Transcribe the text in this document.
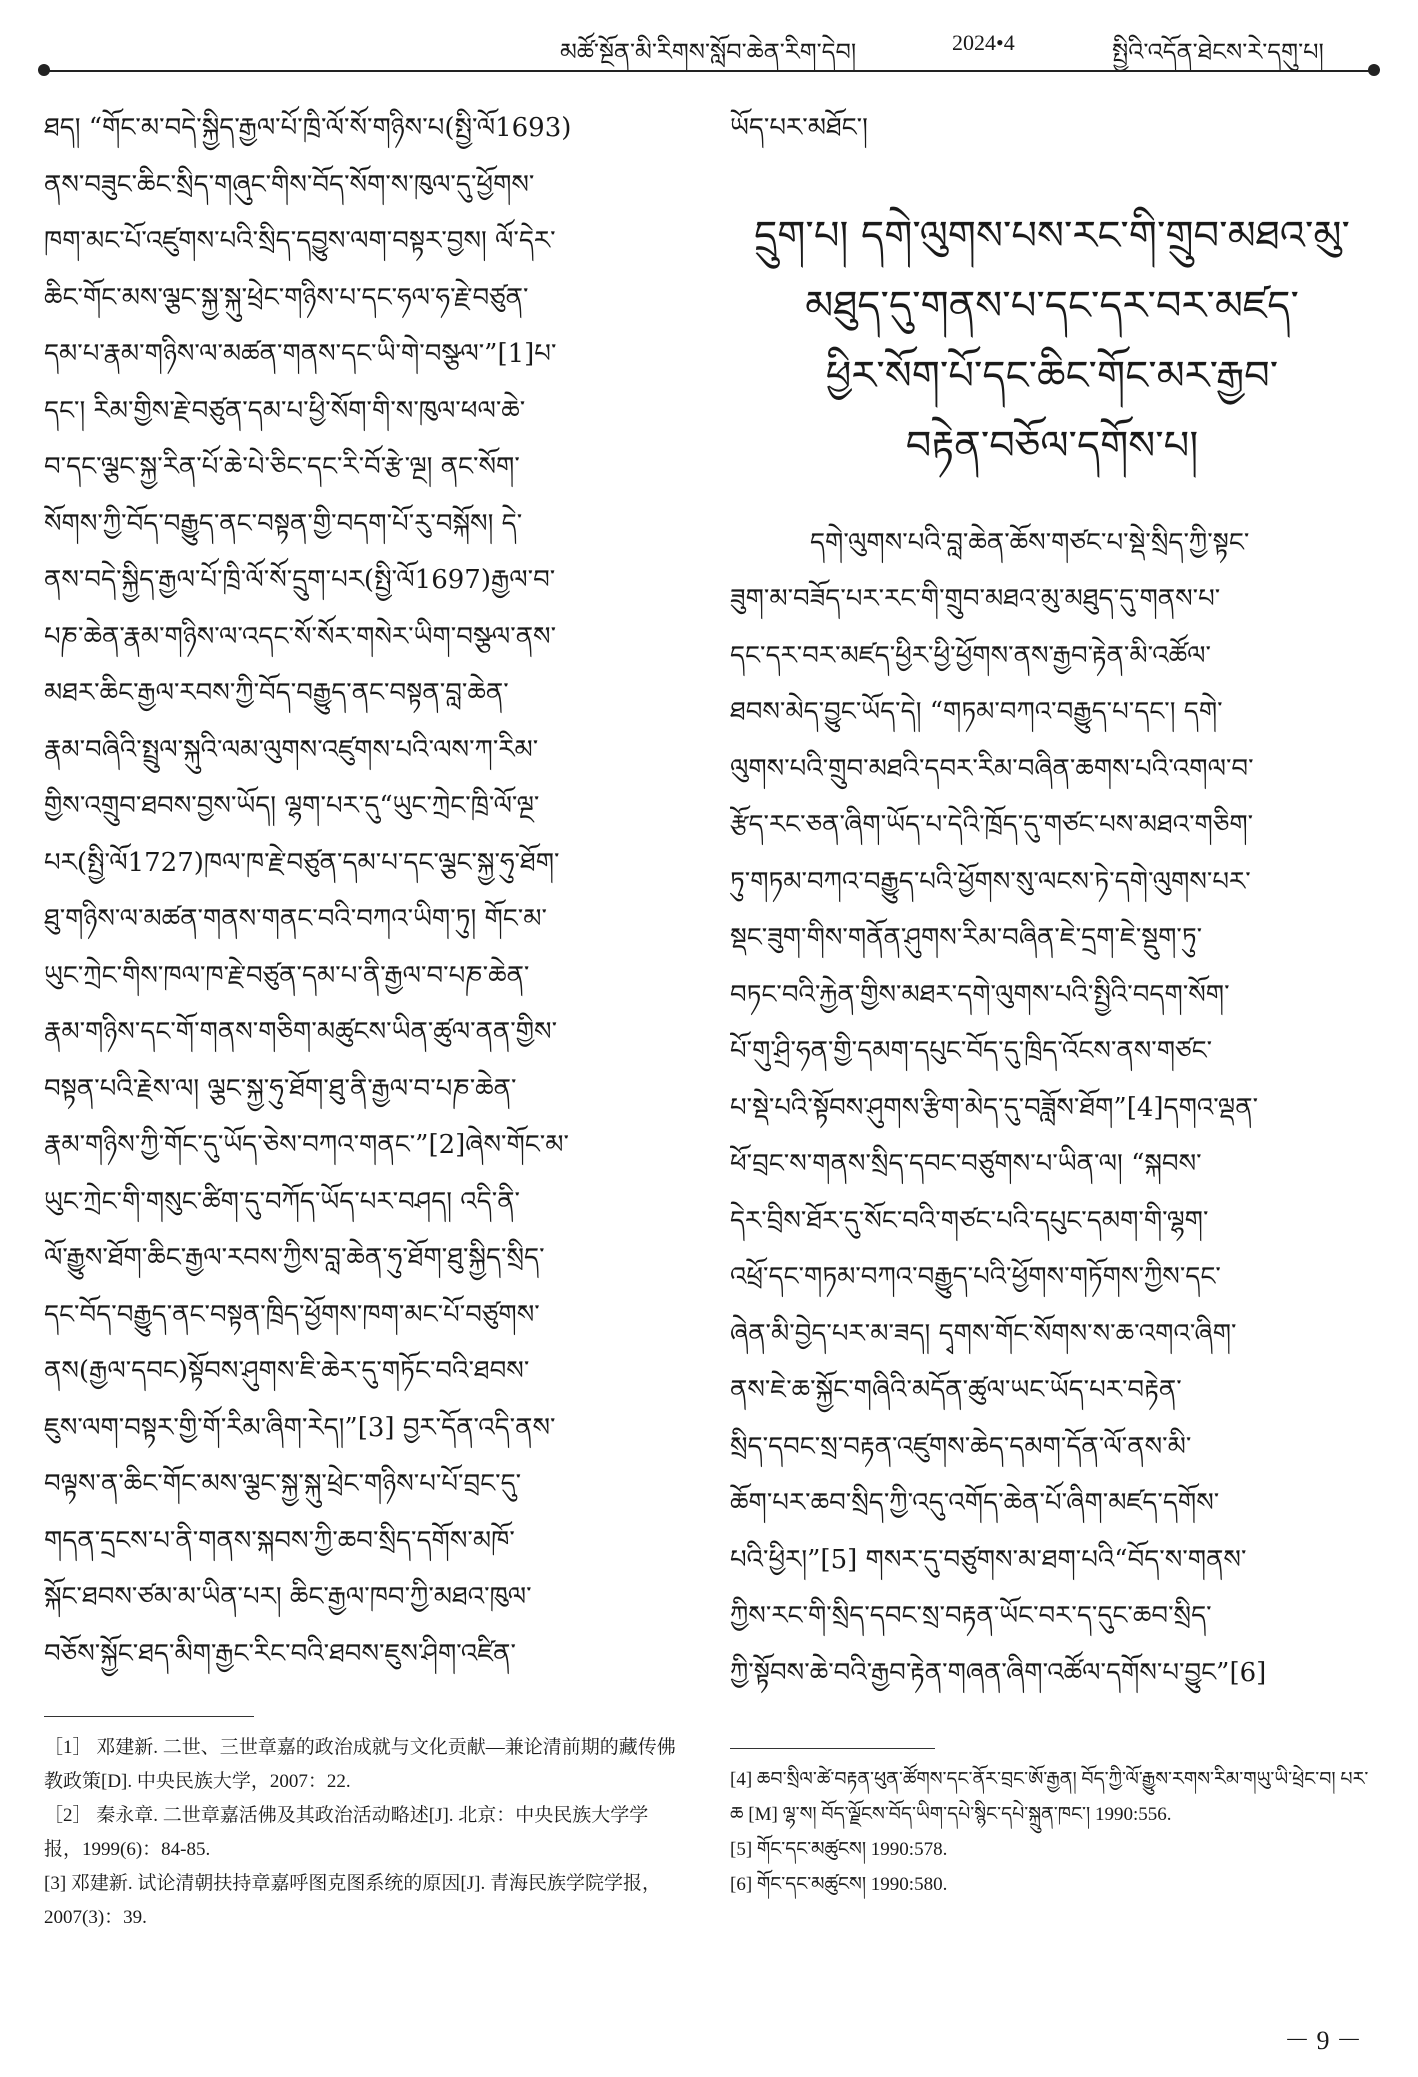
མཚོ་སྔོན་མི་རིགས་སློབ་ཆེན་རིག་དེབ།	2024•4	སྤྱིའི་འདོན་ཐེངས་རེ་དགུ་པ།

ཐད། “གོང་མ་བདེ་སྐྱིད་རྒྱལ་པོ་ཁྲི་ལོ་སོ་གཉིས་པ(སྤྱི་ལོ1693)

ནས་བཟུང་ཆིང་སྲིད་གཞུང་གིས་བོད་སོག་ས་ཁུལ་དུ་ཕྱོགས་

ཁག་མང་པོ་འཛུགས་པའི་སྲིད་དབྱུས་ལག་བསྟར་བྱས། ལོ་དེར་

ཆིང་གོང་མས་ལྕང་སྐྱ་སྐུ་ཕྲེང་གཉིས་པ་དང་ཧལ་ཧ་རྗེ་བཙུན་

དམ་པ་རྣམ་གཉིས་ལ་མཚན་གནས་དང་ཡི་གེ་བསྩལ་”[1]པ་

དང་། རིམ་གྱིས་རྗེ་བཙུན་དམ་པ་ཕྱི་སོག་གི་ས་ཁུལ་ཕལ་ཆེ་

བ་དང་ལྕང་སྐྱ་རིན་པོ་ཆེ་པེ་ཅིང་དང་རི་བོ་རྩེ་ལྔ། ནང་སོག་

སོགས་ཀྱི་བོད་བརྒྱུད་ནང་བསྟན་གྱི་བདག་པོ་རུ་བསྐོས། དེ་

ནས་བདེ་སྐྱིད་རྒྱལ་པོ་ཁྲི་ལོ་སོ་དྲུག་པར(སྤྱི་ལོ1697)རྒྱལ་བ་

པཎ་ཆེན་རྣམ་གཉིས་ལ་འདང་སོ་སོར་གསེར་ཡིག་བསྩལ་ནས་

མཐར་ཆིང་རྒྱལ་རབས་ཀྱི་བོད་བརྒྱུད་ནང་བསྟན་བླ་ཆེན་

རྣམ་བཞིའི་སྤྲུལ་སྐུའི་ལམ་ལུགས་འཛུགས་པའི་ལས་ཀ་རིམ་

གྱིས་འགྲུབ་ཐབས་བྱས་ཡོད། ལྷག་པར་དུ“ཡུང་ཀྲེང་ཁྲི་ལོ་ལྔ་

པར(སྤྱི་ལོ1727)ཁལ་ཁ་རྗེ་བཙུན་དམ་པ་དང་ལྕང་སྐྱ་ཧུ་ཐོག་

ཐུ་གཉིས་ལ་མཚན་གནས་གནང་བའི་བཀའ་ཡིག་ཏུ། གོང་མ་

ཡུང་ཀྲེང་གིས་ཁལ་ཁ་རྗེ་བཙུན་དམ་པ་ནི་རྒྱལ་བ་པཎ་ཆེན་

རྣམ་གཉིས་དང་གོ་གནས་གཅིག་མཚུངས་ཡིན་ཚུལ་ནན་གྱིས་

བསྟན་པའི་རྗེས་ལ། ལྕང་སྐྱ་ཧུ་ཐོག་ཐུ་ནི་རྒྱལ་བ་པཎ་ཆེན་

རྣམ་གཉིས་ཀྱི་གོང་དུ་ཡོད་ཅེས་བཀའ་གནང་”[2]ཞེས་གོང་མ་

ཡུང་ཀྲེང་གི་གསུང་ཚིག་དུ་བཀོད་ཡོད་པར་བཤད། འདི་ནི་

ལོ་རྒྱུས་ཐོག་ཆིང་རྒྱལ་རབས་ཀྱིས་བླ་ཆེན་ཧུ་ཐོག་ཐུ་སྐྱིད་སྲིད་

དང་བོད་བརྒྱུད་ནང་བསྟན་ཁྲིད་ཕྱོགས་ཁག་མང་པོ་བཙུགས་

ནས(རྒྱལ་དབང)སྟོབས་ཤུགས་ཇི་ཆེར་དུ་གཏོང་བའི་ཐབས་

ཇུས་ལག་བསྟར་གྱི་གོ་རིམ་ཞིག་རེད།”[3] བྱར་དོན་འདི་ནས་

བལྟས་ན་ཆིང་གོང་མས་ལྕང་སྐྱ་སྐུ་ཕྲེང་གཉིས་པ་པོ་བྲང་དུ་

གདན་དྲངས་པ་ནི་གནས་སྐབས་ཀྱི་ཆབ་སྲིད་དགོས་མཁོ་

སྐོང་ཐབས་ཙམ་མ་ཡིན་པར། ཆིང་རྒྱལ་ཁབ་ཀྱི་མཐའ་ཁུལ་

བཅོས་སྐྱོང་ཐད་མིག་རྒྱང་རིང་བའི་ཐབས་ཇུས་ཤིག་འཛིན་

［1］ 邓建新. 二世、三世章嘉的政治成就与文化贡献—兼论清前期的藏传佛教政策[D]. 中央民族大学，2007：22.

［2］ 秦永章. 二世章嘉活佛及其政治活动略述[J]. 北京：中央民族大学学报，1999(6)：84-85.

[3] 邓建新. 试论清朝扶持章嘉呼图克图系统的原因[J]. 青海民族学院学报，2007(3)：39.

ཡོད་པར་མཐོང་།

དྲུག་པ། དགེ་ལུགས་པས་རང་གི་གྲུབ་མཐའ་མུ་

མཐུད་དུ་གནས་པ་དང་དར་བར་མཛད་

ཕྱིར་སོག་པོ་དང་ཆིང་གོང་མར་རྒྱབ་

བརྟེན་བཅོལ་དགོས་པ།

དགེ་ལུགས་པའི་བླ་ཆེན་ཆོས་གཙང་པ་སྡེ་སྲིད་ཀྱི་སྟང་

ཟུག་མ་བཟོད་པར་རང་གི་གྲུབ་མཐའ་མུ་མཐུད་དུ་གནས་པ་

དང་དར་བར་མཛད་ཕྱིར་ཕྱི་ཕྱོགས་ནས་རྒྱབ་རྟེན་མི་འཚོལ་

ཐབས་མེད་བྱུང་ཡོད་དེ། “གཏམ་བཀའ་བརྒྱུད་པ་དང་། དགེ་

ལུགས་པའི་གྲུབ་མཐའི་དབར་རིམ་བཞིན་ཆགས་པའི་འགལ་བ་

རྩོད་རང་ཅན་ཞིག་ཡོད་པ་དེའི་ཁྲོད་དུ་གཙང་པས་མཐའ་གཅིག་

ཏུ་གཏམ་བཀའ་བརྒྱུད་པའི་ཕྱོགས་སུ་ལངས་ཏེ་དགེ་ལུགས་པར་

སྡང་ཟུག་གིས་གནོན་ཤུགས་རིམ་བཞིན་ཇེ་དྲག་ཇེ་སྡུག་ཏུ་

བཏང་བའི་རྐྱེན་གྱིས་མཐར་དགེ་ལུགས་པའི་སྤྱིའི་བདག་སོག་

པོ་གུ་ཤྲི་ཧན་གྱི་དམག་དཔུང་བོད་དུ་ཁྲིད་འོངས་ནས་གཙང་

པ་སྡེ་པའི་སྟོབས་ཤུགས་རྩིག་མེད་དུ་བཟློས་ཐོག”[4]དགའ་ལྡན་

ཕོ་བྲང་ས་གནས་སྲིད་དབང་བཙུགས་པ་ཡིན་ལ། “སྐབས་

དེར་བྲིས་ཐོར་དུ་སོང་བའི་གཙང་པའི་དཔུང་དམག་གི་ལྷག་

འཕྲོ་དང་གཏམ་བཀའ་བརྒྱུད་པའི་ཕྱོགས་གཏོགས་ཀྱིས་དང་

ཞེན་མི་བྱེད་པར་མ་ཟད། དྭགས་གོང་སོགས་ས་ཆ་འགའ་ཞིག་

ནས་ཇེ་ཆ་སྐྱོང་གཞིའི་མདོན་ཚུལ་ཡང་ཡོད་པར་བརྟེན་

སྲིད་དབང་སྲ་བརྟན་འཛུགས་ཆེད་དམག་དོན་ལོ་ནས་མི་

ཆོག་པར་ཆབ་སྲིད་ཀྱི་འདུ་འགོད་ཆེན་པོ་ཞིག་མཛད་དགོས་

པའི་ཕྱིར།”[5] གསར་དུ་བཙུགས་མ་ཐག་པའི“བོད་ས་གནས་

ཀྱིས་རང་གི་སྲིད་དབང་སྲ་བརྟན་ཡོང་བར་ད་དུང་ཆབ་སྲིད་

ཀྱི་སྟོབས་ཆེ་བའི་རྒྱབ་རྟེན་གཞན་ཞིག་འཚོལ་དགོས་པ་བྱུང”[6]

[4] ཆབ་སྲིལ་ཚེ་བརྟན་ཕུན་ཚོགས་དང་ནོར་བྲང་ཨོ་རྒྱན། བོད་ཀྱི་ལོ་རྒྱུས་རགས་རིམ་གཡུ་ཡི་ཕྲེང་བ། པར་ཆ [M] ལྷ་ས། བོད་ལྗོངས་བོད་ཡིག་དཔེ་སྙིང་དཔེ་སྐྲུན་ཁང་། 1990:556.

[5] གོང་དང་མཚུངས། 1990:578.

[6] གོང་དང་མཚུངས། 1990:580.

－ 9 －
